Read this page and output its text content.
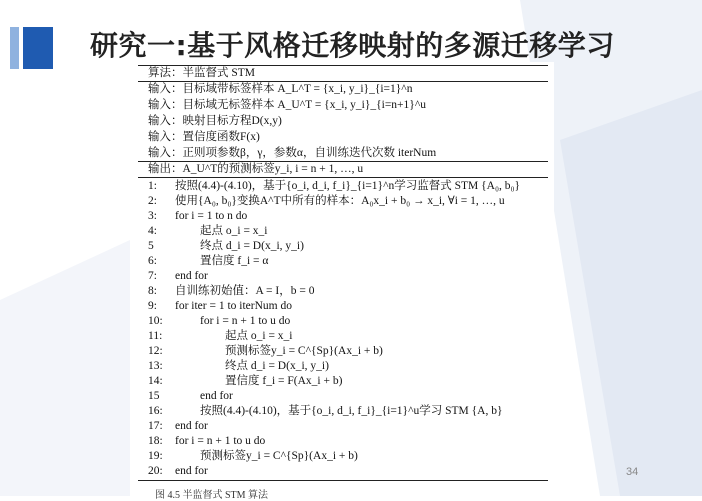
研究一:基于风格迁移映射的多源迁移学习
算法：半监督式 STM
输入：目标域带标签样本 A_L^T = {x_i, y_i}_{i=1}^n
输入：目标域无标签样本 A_U^T = {x_i, y_i}_{i=n+1}^u
输入：映射目标方程D(x,y)
输入：置信度函数F(x)
输入：正则项参数β，γ，参数α，自训练迭代次数 iterNum
输出：A_U^T的预测标签y_i, i = n + 1, …, u
1: 按照(4.4)-(4.10)，基于{o_i, d_i, f_i}_{i=1}^n学习监督式 STM {A₀, b₀}
2: 使用{A₀, b₀}变换A^T中所有的样本：A₀x_i + b₀ → x_i, ∀i = 1, …, u
3: for i = 1 to n do
4:	起点 o_i = x_i
5	终点 d_i = D(x_i, y_i)
6:	置信度 f_i = α
7: end for
8: 自训练初始值：A = I，b = 0
9: for iter = 1 to iterNum do
10:	for i = n + 1 to u do
11:	起点 o_i = x_i
12:	预测标签y_i = C^{Sp}(Ax_i + b)
13:	终点 d_i = D(x_i, y_i)
14:	置信度 f_i = F(Ax_i + b)
15	end for
16:	按照(4.4)-(4.10)，基于{o_i, d_i, f_i}_{i=1}^u学习 STM {A, b}
17: end for
18: for i = n + 1 to u do
19:	预测标签y_i = C^{Sp}(Ax_i + b)
20: end for
图 4.5 半监督式 STM 算法
34
